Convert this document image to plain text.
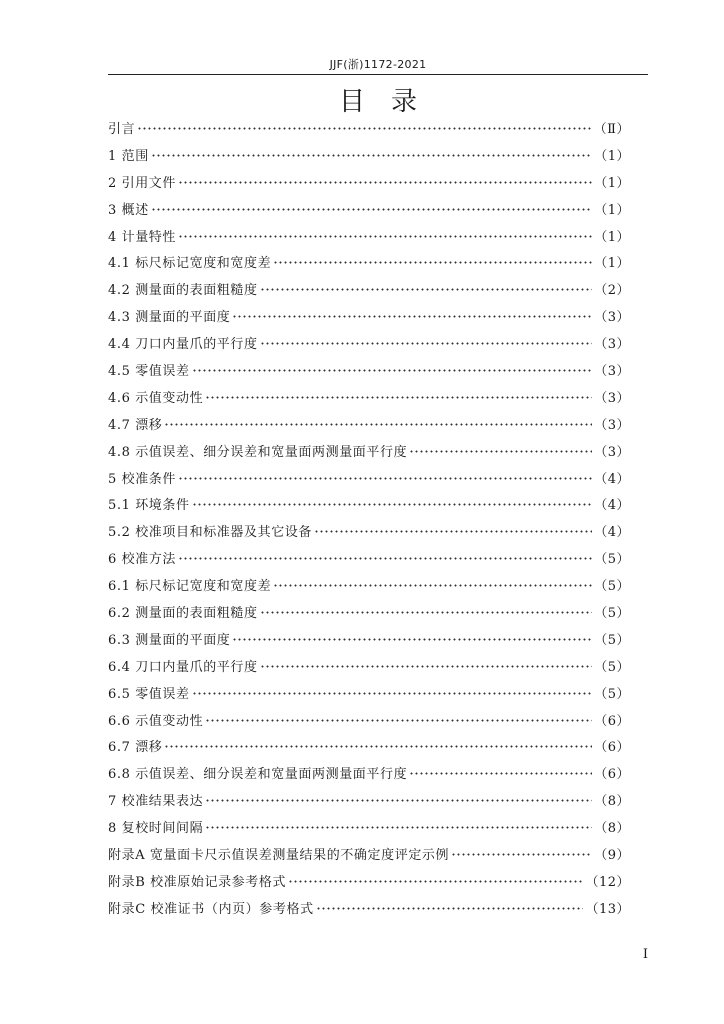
JJF(浙)1172-2021
目录
引言	（Ⅱ）
1 范围	（1）
2 引用文件	（1）
3 概述	（1）
4 计量特性	（1）
4.1 标尺标记宽度和宽度差	（1）
4.2 测量面的表面粗糙度	（2）
4.3 测量面的平面度	（3）
4.4 刀口内量爪的平行度	（3）
4.5 零值误差	（3）
4.6 示值变动性	（3）
4.7 漂移	（3）
4.8 示值误差、细分误差和宽量面两测量面平行度	（3）
5 校准条件	（4）
5.1 环境条件	（4）
5.2 校准项目和标准器及其它设备	（4）
6 校准方法	（5）
6.1 标尺标记宽度和宽度差	（5）
6.2 测量面的表面粗糙度	（5）
6.3 测量面的平面度	（5）
6.4 刀口内量爪的平行度	（5）
6.5 零值误差	（5）
6.6 示值变动性	（6）
6.7 漂移	（6）
6.8 示值误差、细分误差和宽量面两测量面平行度	（6）
7 校准结果表达	（8）
8 复校时间间隔	（8）
附录A 宽量面卡尺示值误差测量结果的不确定度评定示例	（9）
附录B 校准原始记录参考格式	（12）
附录C 校准证书（内页）参考格式	（13）
I
